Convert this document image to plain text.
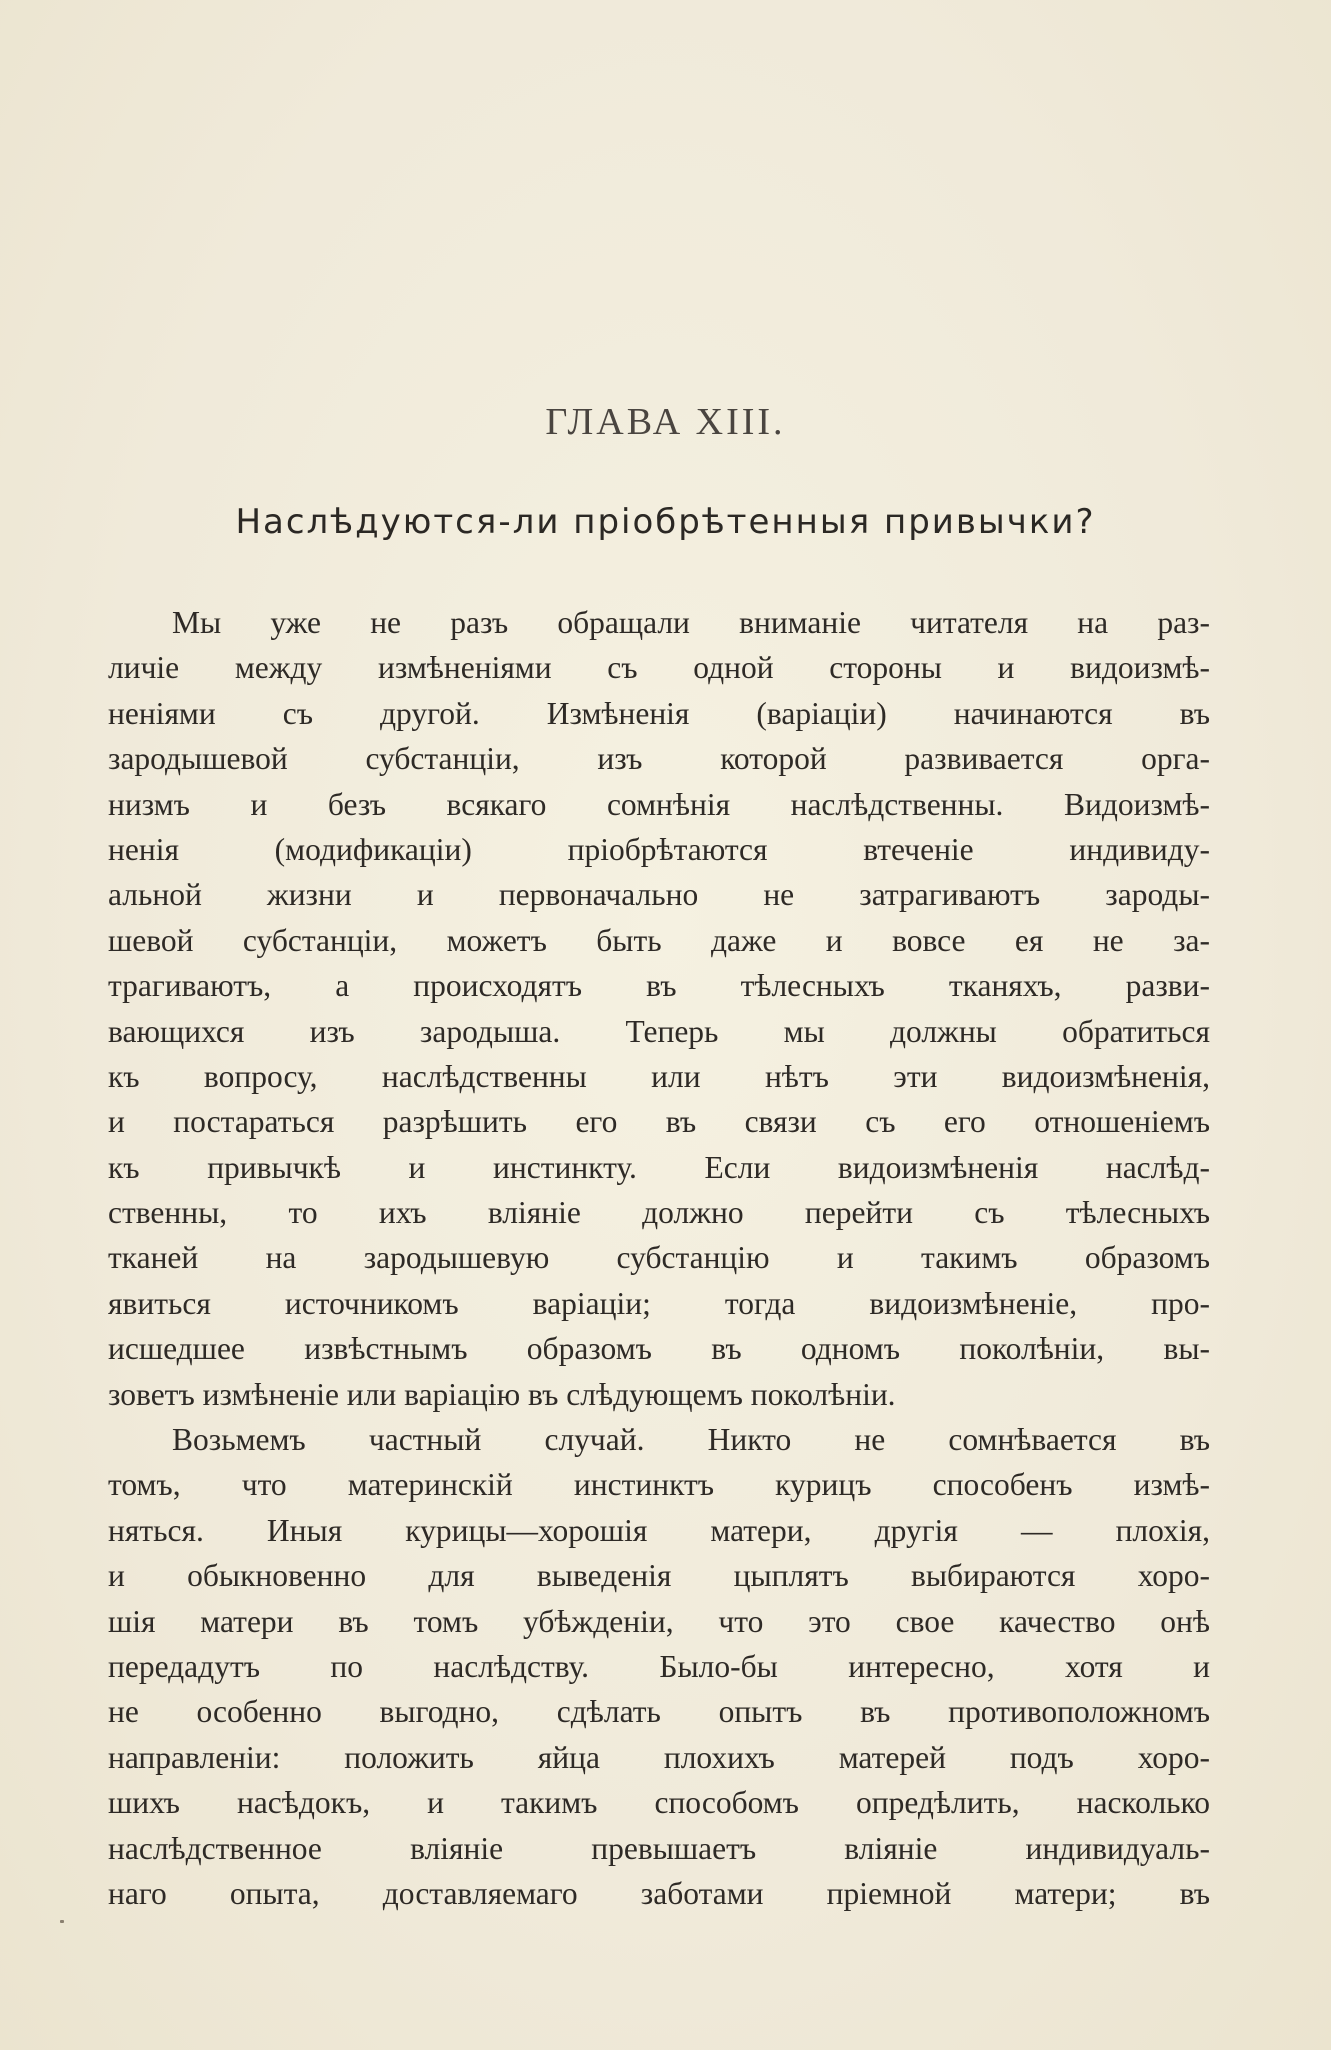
ГЛАВА XIII.
Наслѣдуются-ли пріобрѣтенныя привычки?
Мы уже не разъ обращали вниманіе читателя на раз-
личіе между измѣненіями съ одной стороны и видоизмѣ-
неніями съ другой. Измѣненія (варіаціи) начинаются въ
зародышевой субстанціи, изъ которой развивается орга-
низмъ и безъ всякаго сомнѣнія наслѣдственны. Видоизмѣ-
ненія (модификаціи) пріобрѣтаются втеченіе индивиду-
альной жизни и первоначально не затрагиваютъ зароды-
шевой субстанціи, можетъ быть даже и вовсе ея не за-
трагиваютъ, а происходятъ въ тѣлесныхъ тканяхъ, разви-
вающихся изъ зародыша. Теперь мы должны обратиться
къ вопросу, наслѣдственны или нѣтъ эти видоизмѣненія,
и постараться разрѣшить его въ связи съ его отношеніемъ
къ привычкѣ и инстинкту. Если видоизмѣненія наслѣд-
ственны, то ихъ вліяніе должно перейти съ тѣлесныхъ
тканей на зародышевую субстанцію и такимъ образомъ
явиться источникомъ варіаціи; тогда видоизмѣненіе, про-
исшедшее извѣстнымъ образомъ въ одномъ поколѣніи, вы-
зоветъ измѣненіе или варіацію въ слѣдующемъ поколѣніи.
Возьмемъ частный случай. Никто не сомнѣвается въ
томъ, что материнскій инстинктъ курицъ способенъ измѣ-
няться. Иныя курицы—хорошія матери, другія — плохія,
и обыкновенно для выведенія цыплятъ выбираются хоро-
шія матери въ томъ убѣжденіи, что это свое качество онѣ
передадутъ по наслѣдству. Было-бы интересно, хотя и
не особенно выгодно, сдѣлать опытъ въ противоположномъ
направленіи: положить яйца плохихъ матерей подъ хоро-
шихъ насѣдокъ, и такимъ способомъ опредѣлить, насколько
наслѣдственное вліяніе превышаетъ вліяніе индивидуаль-
наго опыта, доставляемаго заботами пріемной матери; въ
